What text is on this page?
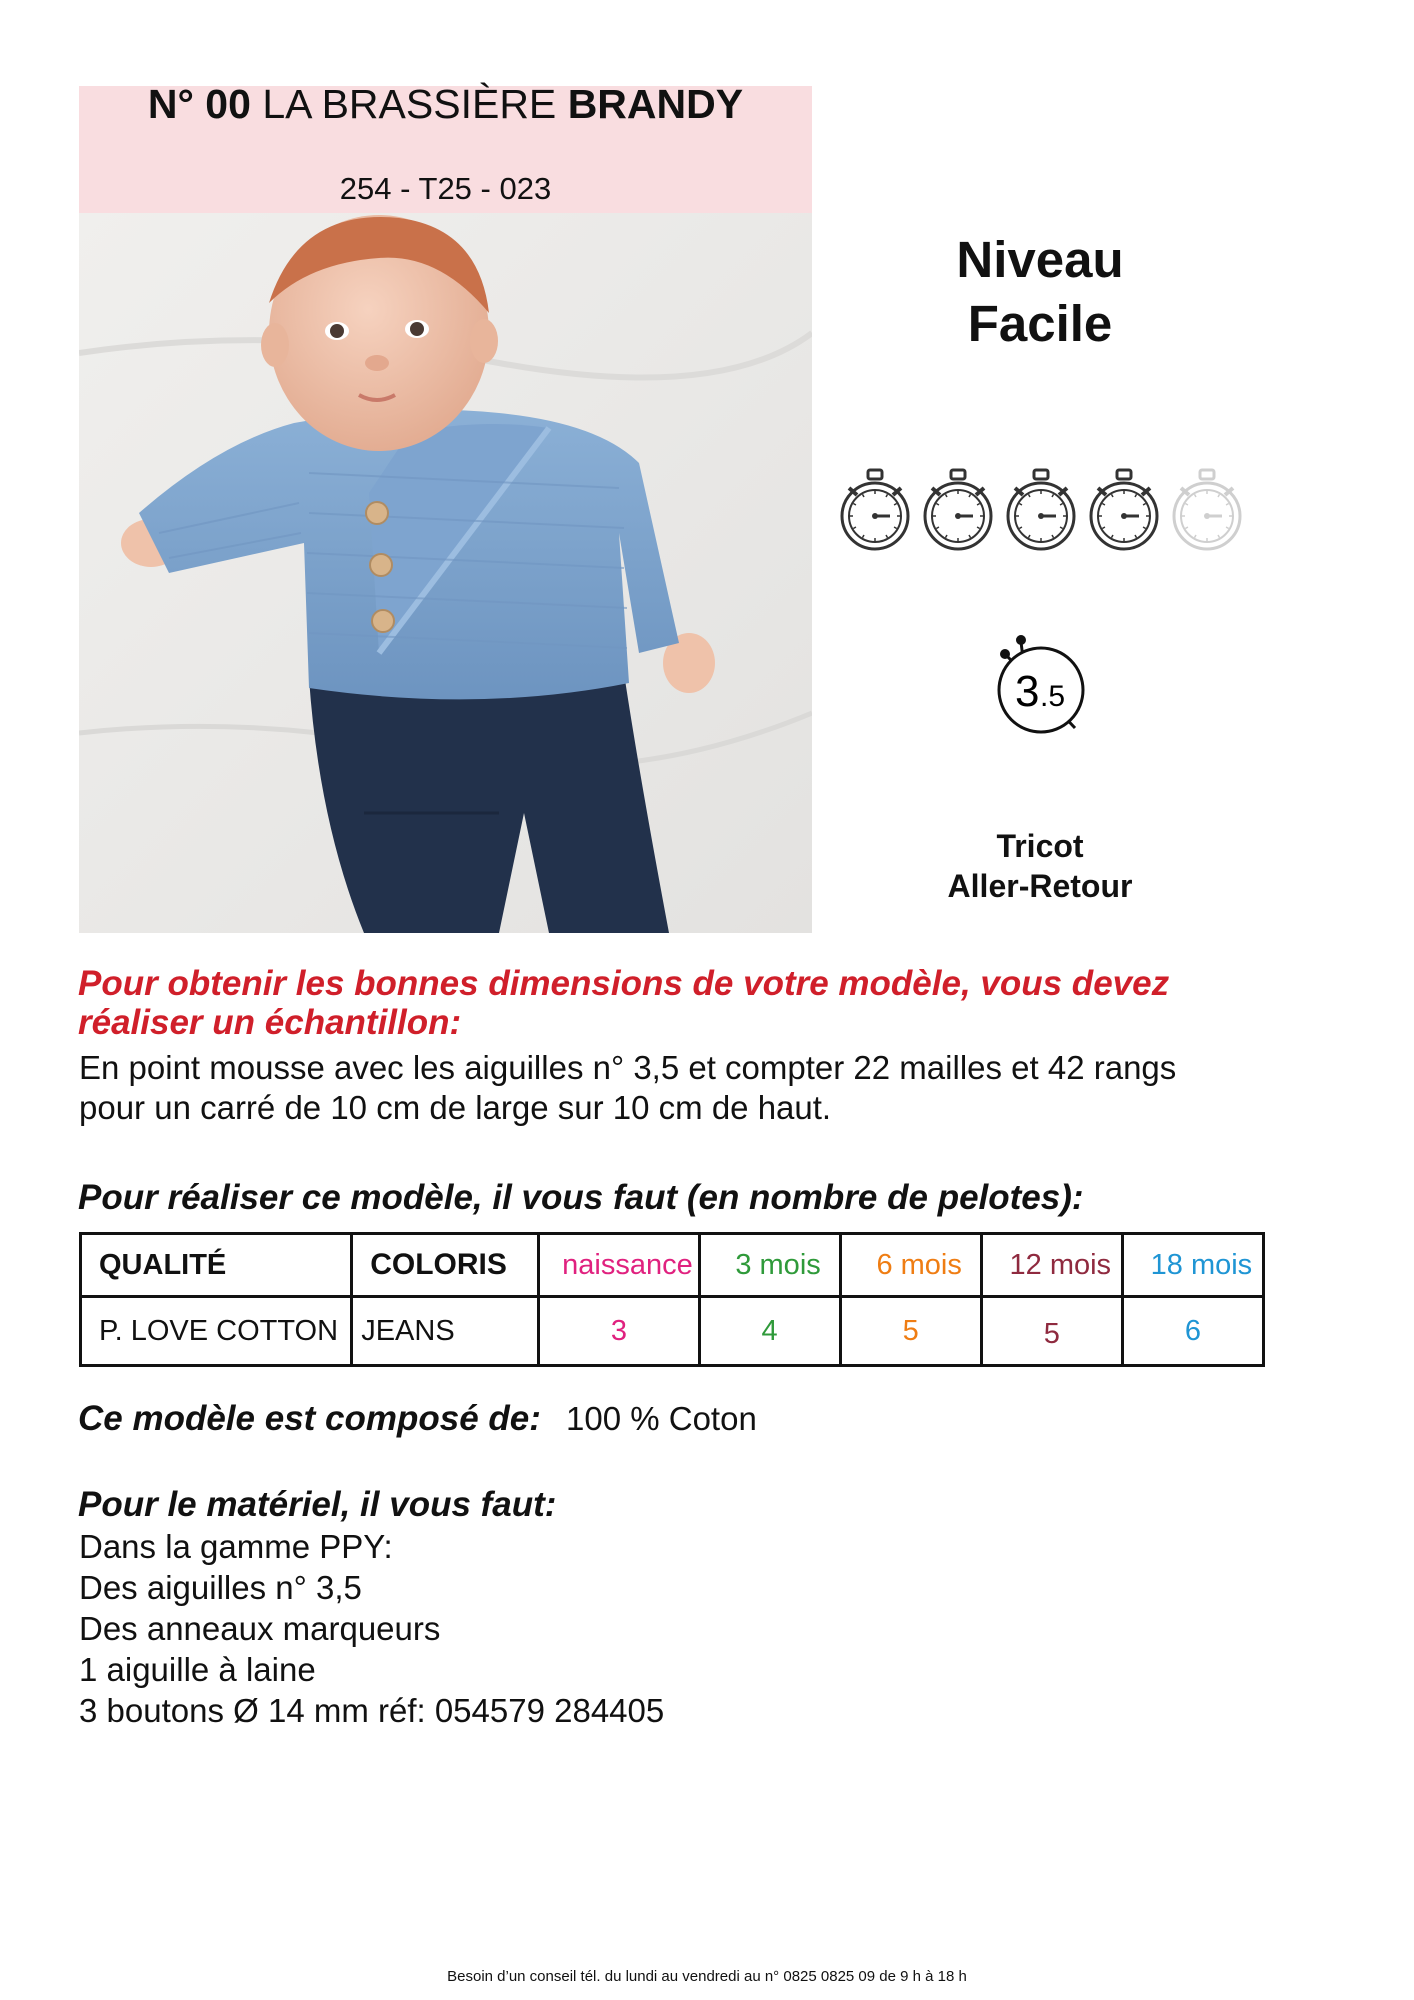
N° 00 LA BRASSIÈRE BRANDY
254 - T25 - 023
Niveau
Facile
3 .5
Tricot
Aller-Retour
Pour obtenir les bonnes dimensions de votre modèle, vous devez
réaliser un échantillon:
En point mousse avec les aiguilles n° 3,5 et compter 22 mailles et 42 rangs
pour un carré de 10 cm de large sur 10 cm de haut.
Pour réaliser ce modèle, il vous faut (en nombre de pelotes):
QUALITÉ	COLORIS	naissance	3 mois	6 mois	12 mois	18 mois
P. LOVE COTTON	JEANS	3	4	5	5	6
Ce modèle est composé de: 100 % Coton
Pour le matériel, il vous faut:
Dans la gamme PPY:
Des aiguilles n° 3,5
Des anneaux marqueurs
1 aiguille à laine
3 boutons Ø 14 mm réf: 054579 284405
Besoin d’un conseil tél. du lundi au vendredi au n° 0825 0825 09 de 9 h à 18 h
